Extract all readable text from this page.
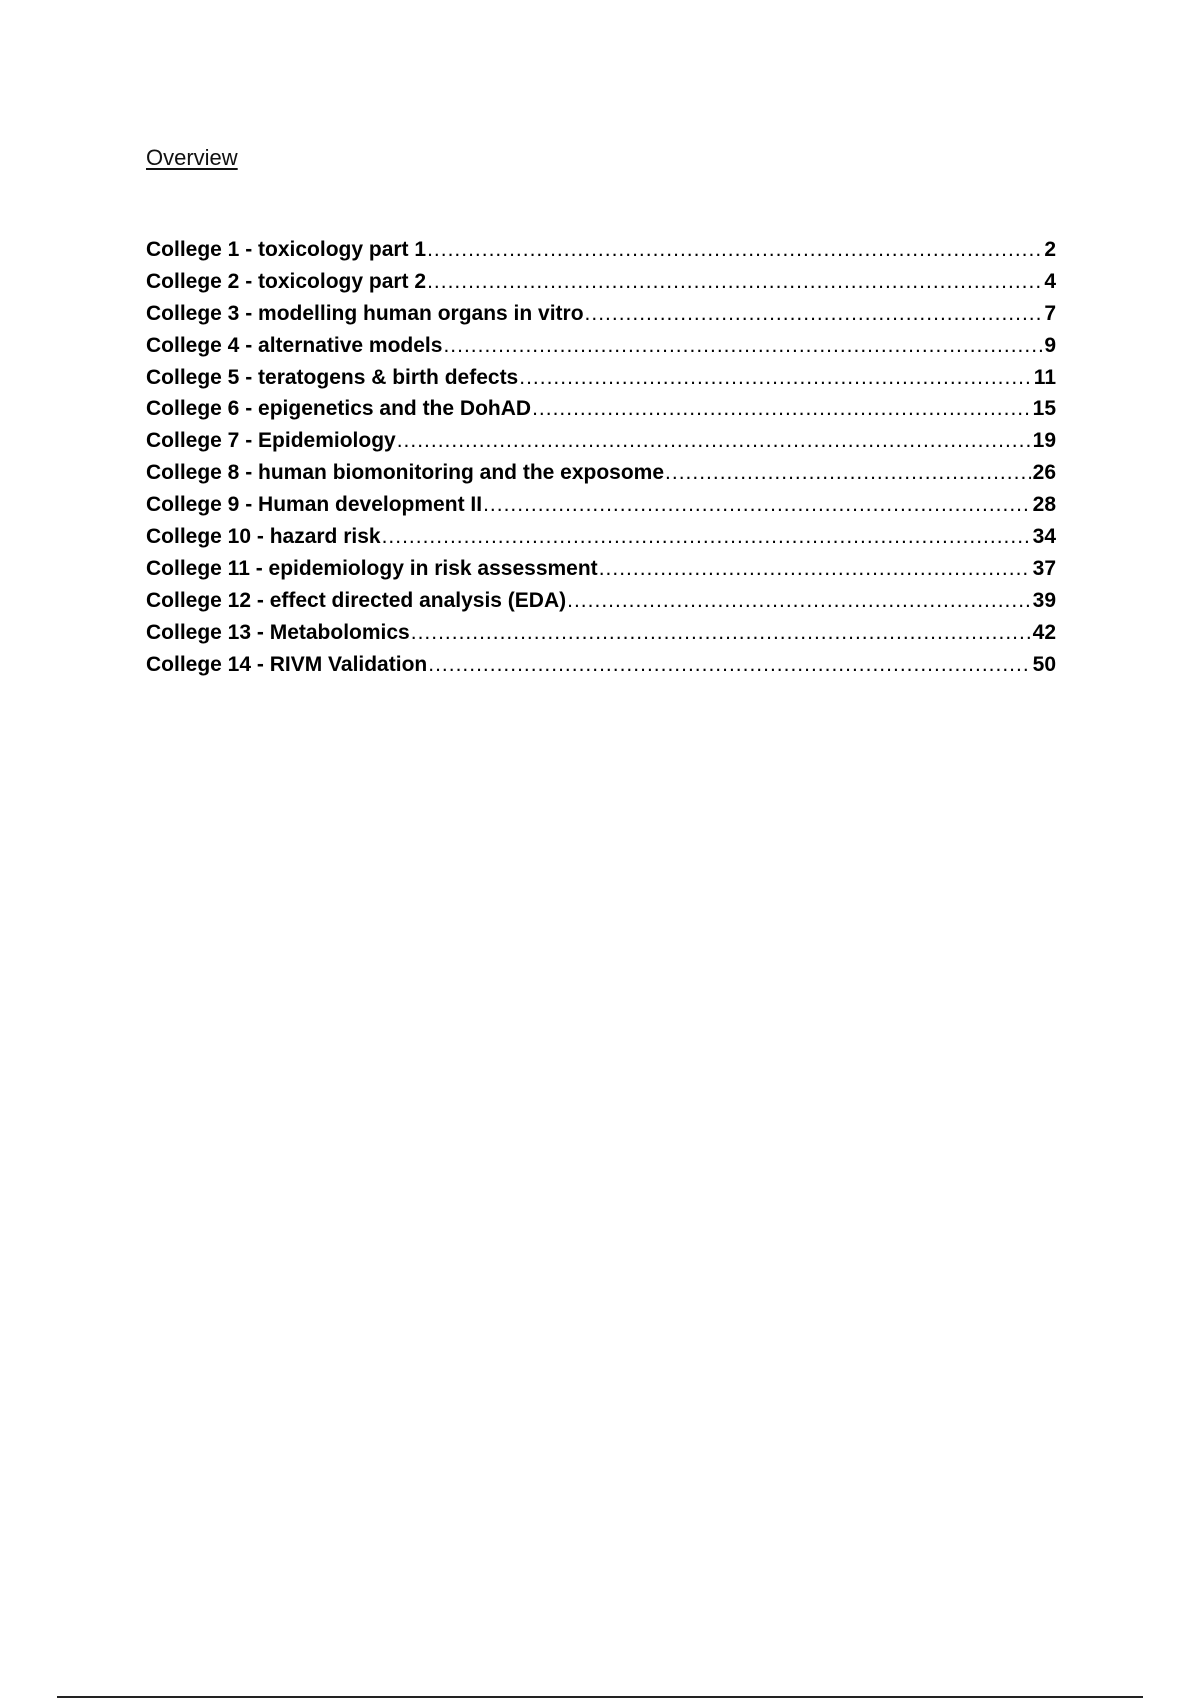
Overview
College 1 - toxicology part 1 .....	2
College 2 - toxicology part 2 .....	4
College 3 - modelling human organs in vitro .....	7
College 4 - alternative models .....	9
College 5 - teratogens & birth defects .....	11
College 6 - epigenetics and the DohAD .....	15
College 7 - Epidemiology .....	19
College 8 - human biomonitoring and the exposome .....	26
College 9 - Human development II .....	28
College 10 - hazard risk .....	34
College 11 - epidemiology in risk assessment .....	37
College 12 - effect directed analysis (EDA) .....	39
College 13 - Metabolomics .....	42
College 14 - RIVM Validation .....	50
